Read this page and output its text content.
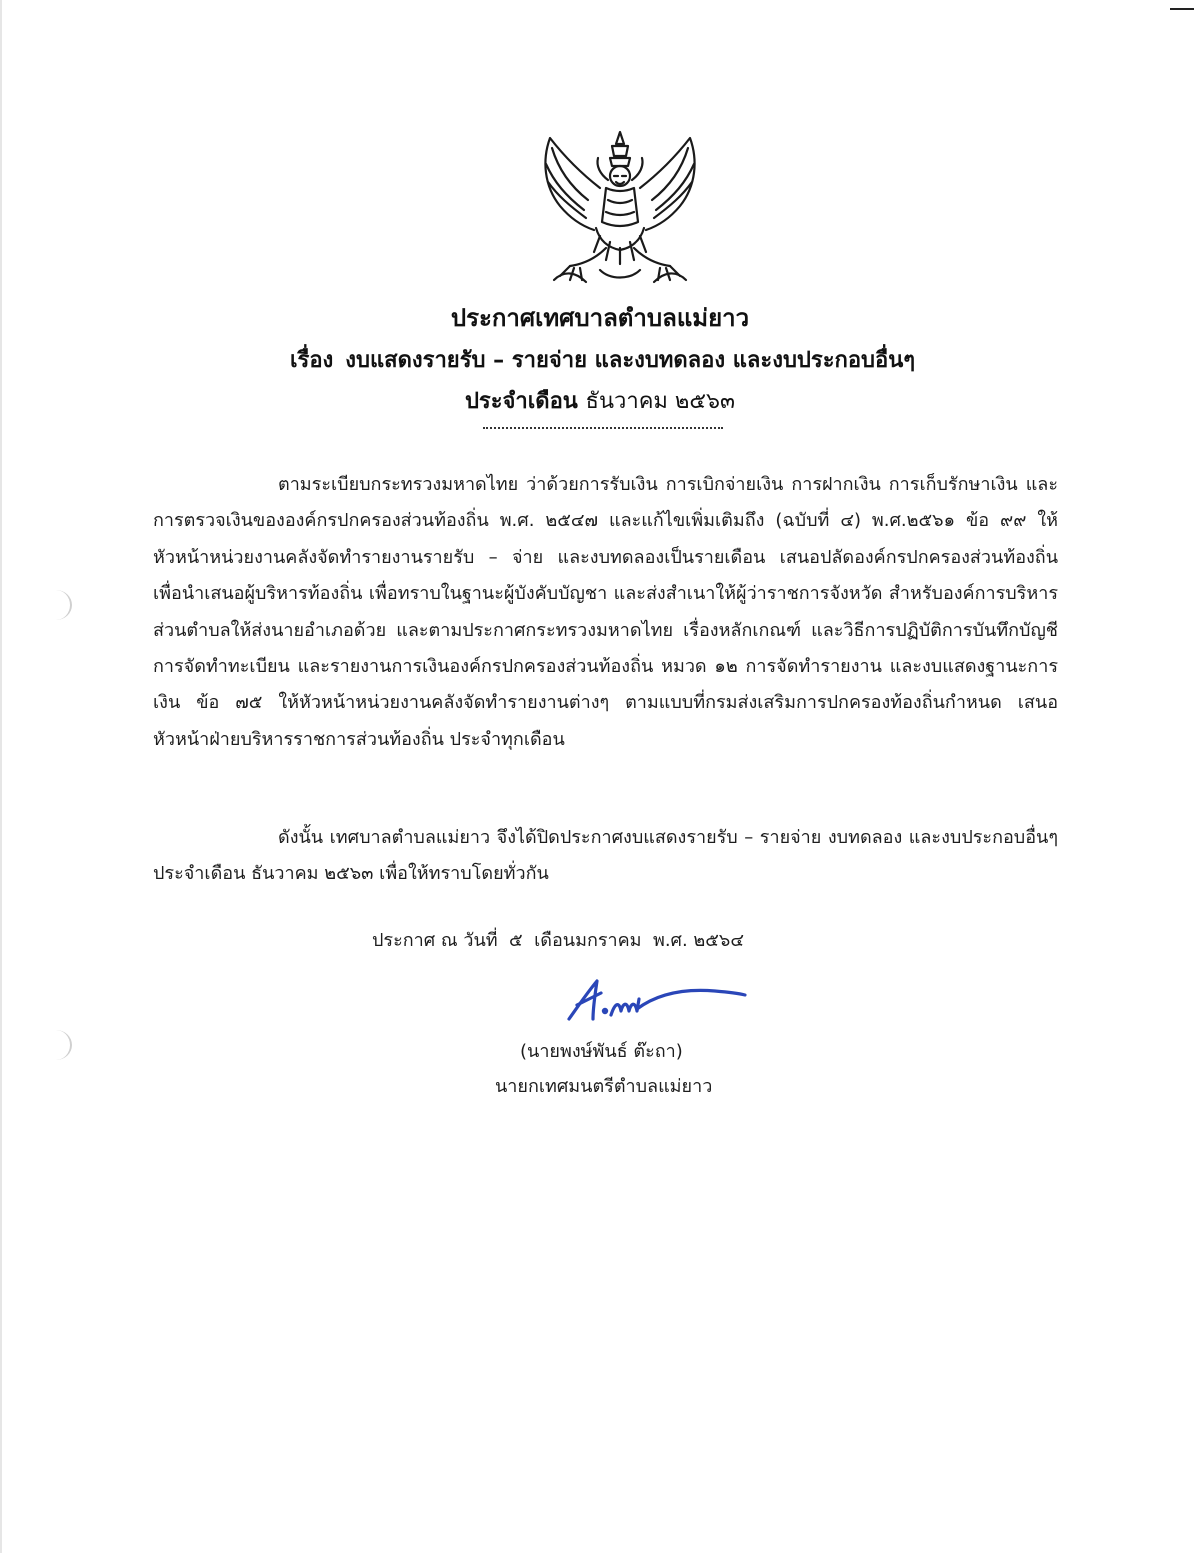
ประกาศเทศบาลตำบลแม่ยาว
เรื่อง งบแสดงรายรับ – รายจ่าย และงบทดลอง และงบประกอบอื่นๆ
ประจำเดือน ธันวาคม ๒๕๖๓

ตามระเบียบกระทรวงมหาดไทย ว่าด้วยการรับเงิน การเบิกจ่ายเงิน การฝากเงิน การเก็บรักษาเงิน และการตรวจเงินขององค์กรปกครองส่วนท้องถิ่น พ.ศ. ๒๕๔๗ และแก้ไขเพิ่มเติมถึง (ฉบับที่ ๔) พ.ศ.๒๕๖๑ ข้อ ๙๙ ให้หัวหน้าหน่วยงานคลังจัดทำรายงานรายรับ – จ่าย และงบทดลองเป็นรายเดือน เสนอปลัดองค์กรปกครองส่วนท้องถิ่น เพื่อนำเสนอผู้บริหารท้องถิ่น เพื่อทราบในฐานะผู้บังคับบัญชา และส่งสำเนาให้ผู้ว่าราชการจังหวัด สำหรับองค์การบริหารส่วนตำบลให้ส่งนายอำเภอด้วย และตามประกาศกระทรวงมหาดไทย เรื่องหลักเกณฑ์ และวิธีการปฏิบัติการบันทึกบัญชี การจัดทำทะเบียน และรายงานการเงินองค์กรปกครองส่วนท้องถิ่น หมวด ๑๒ การจัดทำรายงาน และงบแสดงฐานะการเงิน ข้อ ๗๕ ให้หัวหน้าหน่วยงานคลังจัดทำรายงานต่างๆ ตามแบบที่กรมส่งเสริมการปกครองท้องถิ่นกำหนด เสนอหัวหน้าฝ่ายบริหารราชการส่วนท้องถิ่น ประจำทุกเดือน

ดังนั้น เทศบาลตำบลแม่ยาว จึงได้ปิดประกาศงบแสดงรายรับ – รายจ่าย งบทดลอง และงบประกอบอื่นๆ ประจำเดือน ธันวาคม ๒๕๖๓ เพื่อให้ทราบโดยทั่วกัน

ประกาศ ณ วันที่  ๕  เดือนมกราคม  พ.ศ. ๒๕๖๔
(นายพงษ์พันธ์ ต๊ะถา)
นายกเทศมนตรีตำบลแม่ยาว
